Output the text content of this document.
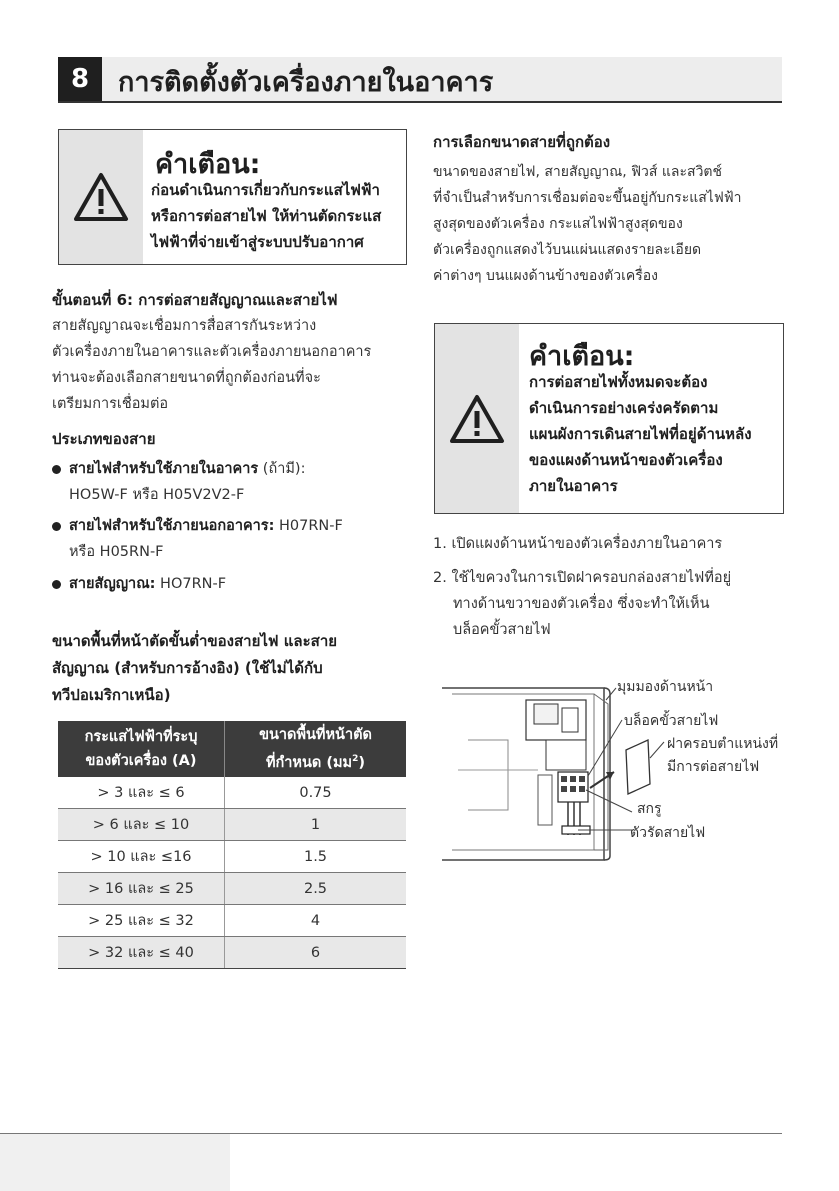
8	การติดตั้งตัวเครื่องภายในอาคาร
คำเตือน:
ก่อนดำเนินการเกี่ยวกับกระแสไฟฟ้า
หรือการต่อสายไฟ ให้ท่านตัดกระแส
ไฟฟ้าที่จ่ายเข้าสู่ระบบปรับอากาศ
ขั้นตอนที่ 6: การต่อสายสัญญาณและสายไฟ
สายสัญญาณจะเชื่อมการสื่อสารกันระหว่าง
ตัวเครื่องภายในอาคารและตัวเครื่องภายนอกอาคาร
ท่านจะต้องเลือกสายขนาดที่ถูกต้องก่อนที่จะ
เตรียมการเชื่อมต่อ
ประเภทของสาย
สายไฟสำหรับใช้ภายในอาคาร (ถ้ามี):
HO5W-F หรือ H05V2V2-F
สายไฟสำหรับใช้ภายนอกอาคาร: H07RN-F
หรือ H05RN-F
สายสัญญาณ: HO7RN-F
ขนาดพื้นที่หน้าตัดขั้นต่ำของสายไฟ และสาย
สัญญาณ (สำหรับการอ้างอิง) (ใช้ไม่ได้กับ
ทวีปอเมริกาเหนือ)
กระแสไฟฟ้าที่ระบุ
ของตัวเครื่อง (A)	ขนาดพื้นที่หน้าตัด
ที่กำหนด (มม$^2$)
> 3 และ ≤ 6	0.75
> 6 และ ≤ 10	1
> 10 และ ≤16	1.5
> 16 และ ≤ 25	2.5
> 25 และ ≤ 32	4
> 32 และ ≤ 40	6
การเลือกขนาดสายที่ถูกต้อง
ขนาดของสายไฟ, สายสัญญาณ, ฟิวส์ และสวิตช์
ที่จำเป็นสำหรับการเชื่อมต่อจะขึ้นอยู่กับกระแสไฟฟ้า
สูงสุดของตัวเครื่อง กระแสไฟฟ้าสูงสุดของ
ตัวเครื่องถูกแสดงไว้บนแผ่นแสดงรายละเอียด
ค่าต่างๆ บนแผงด้านข้างของตัวเครื่อง
คำเตือน:
การต่อสายไฟทั้งหมดจะต้อง
ดำเนินการอย่างเคร่งครัดตาม
แผนผังการเดินสายไฟที่อยู่ด้านหลัง
ของแผงด้านหน้าของตัวเครื่อง
ภายในอาคาร
1. เปิดแผงด้านหน้าของตัวเครื่องภายในอาคาร
2. ใช้ไขควงในการเปิดฝาครอบกล่องสายไฟที่อยู่
ทางด้านขวาของตัวเครื่อง ซึ่งจะทำให้เห็น
บล็อคขั้วสายไฟ
มุมมองด้านหน้า
บล็อคขั้วสายไฟ
ฝาครอบตำแหน่งที่
มีการต่อสายไฟ
สกรู
ตัวรัดสายไฟ
